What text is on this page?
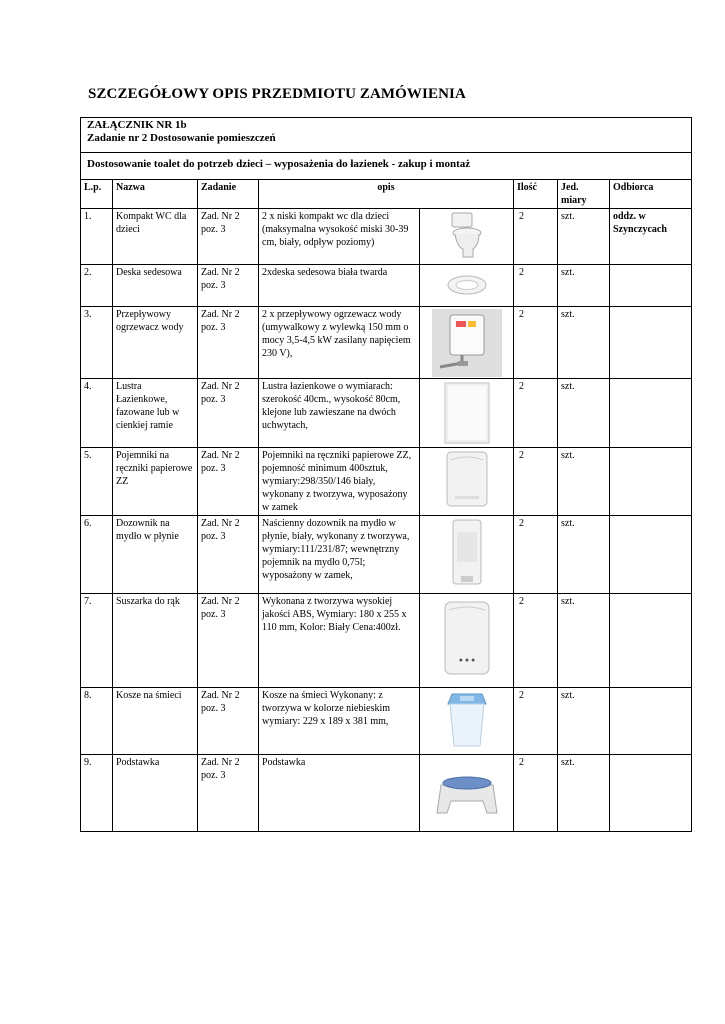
SZCZEGÓŁOWY OPIS PRZEDMIOTU ZAMÓWIENIA
ZAŁĄCZNIK NR 1b
Zadanie nr 2 Dostosowanie pomieszczeń							

Dostosowanie toalet do potrzeb dzieci – wyposażenia do łazienek - zakup i montaż							
L.p.	Nazwa	Zadanie	opis		Ilość	Jed. miary	Odbiorca
1.	Kompakt WC dla dzieci	Zad. Nr 2 poz. 3	2 x niski kompakt wc dla dzieci (maksymalna wysokość miski 30-39 cm, biały, odpływ poziomy)		2	szt.	oddz. w Szynczycach
2.	Deska sedesowa	Zad. Nr 2 poz. 3	2xdeska sedesowa biała twarda		2	szt.	
3.	Przepływowy ogrzewacz wody	Zad. Nr 2 poz. 3	2 x przepływowy ogrzewacz wody (umywalkowy z wylewką 150 mm o mocy 3,5-4,5 kW zasilany napięciem 230 V),		2	szt.	
4.	Lustra Łazienkowe, fazowane lub w cienkiej ramie	Zad. Nr 2 poz. 3	Lustra łazienkowe o wymiarach: szerokość 40cm., wysokość 80cm, klejone lub zawieszane na dwóch uchwytach,		2	szt.	
5.	Pojemniki na ręczniki papierowe ZZ	Zad. Nr 2 poz. 3	Pojemniki na ręczniki papierowe ZZ, pojemność minimum 400sztuk, wymiary:298/350/146 biały, wykonany z tworzywa, wyposażony w zamek		2	szt.	
6.	Dozownik na mydło w płynie	Zad. Nr 2 poz. 3	Naścienny dozownik na mydło w płynie, biały, wykonany z tworzywa, wymiary:111/231/87; wewnętrzny pojemnik na mydło 0,75l; wyposażony w zamek,		2	szt.	
7.	Suszarka do rąk	Zad. Nr 2 poz. 3	Wykonana z tworzywa wysokiej jakości ABS, Wymiary: 180 x 255 x 110 mm, Kolor: Biały Cena:400zł.	● ● ●	2	szt.	
8.	Kosze na śmieci	Zad. Nr 2 poz. 3	Kosze na śmieci Wykonany: z tworzywa w kolorze niebieskim wymiary: 229 x 189 x 381 mm,		2	szt.	
9.	Podstawka	Zad. Nr 2 poz. 3	Podstawka		2	szt.	
